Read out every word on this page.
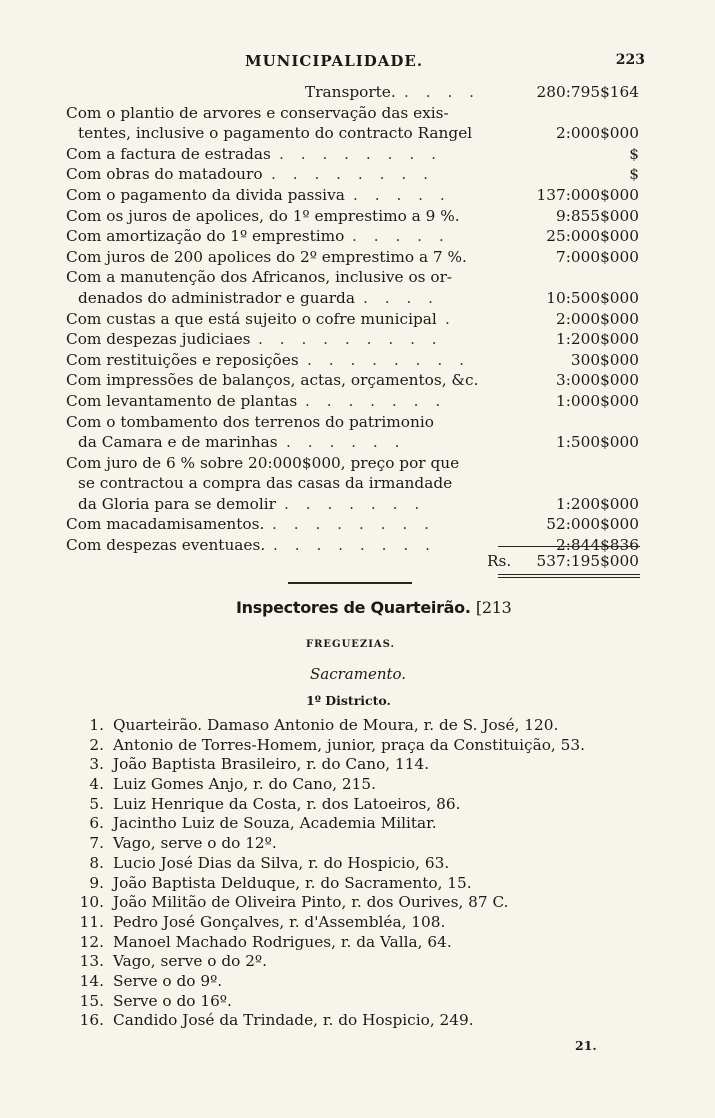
MUNICIPALIDADE.	223
Transporte. . . . .	280:795$164
Com o plantio de arvores e conservação das exis-
tentes, inclusive o pagamento do contracto Rangel	2:000$000
Com a factura de estradas . . . . . . . .	$
Com obras do matadouro . . . . . . . .	$
Com o pagamento da divida passiva . . . . .	137:000$000
Com os juros de apolices, do 1º emprestimo a 9 %.	9:855$000
Com amortização do 1º emprestimo . . . . .	25:000$000
Com juros de 200 apolices do 2º emprestimo a 7 %.	7:000$000
Com a manutenção dos Africanos, inclusive os or-
denados do administrador e guarda . . . .	10:500$000
Com custas a que está sujeito o cofre municipal .	2:000$000
Com despezas judiciaes . . . . . . . . .	1:200$000
Com restituições e reposições . . . . . . . .	300$000
Com impressões de balanços, actas, orçamentos, &c.	3:000$000
Com levantamento de plantas . . . . . . .	1:000$000
Com o tombamento dos terrenos do patrimonio
da Camara e de marinhas . . . . . .	1:500$000
Com juro de 6 % sobre 20:000$000, preço por que
se contractou a compra das casas da irmandade
da Gloria para se demolir . . . . . . .	1:200$000
Com macadamisamentos. . . . . . . . .	52:000$000
Com despezas eventuaes. . . . . . . . .	2:844$836
Rs. 537:195$000
Inspectores de Quarteirão. [213
FREGUEZIAS.
Sacramento.
1º Districto.
1. Quarteirão. Damaso Antonio de Moura, r. de S. José, 120.
2. Antonio de Torres-Homem, junior, praça da Constituição, 53.
3. João Baptista Brasileiro, r. do Cano, 114.
4. Luiz Gomes Anjo, r. do Cano, 215.
5. Luiz Henrique da Costa, r. dos Latoeiros, 86.
6. Jacintho Luiz de Souza, Academia Militar.
7. Vago, serve o do 12º.
8. Lucio José Dias da Silva, r. do Hospicio, 63.
9. João Baptista Delduque, r. do Sacramento, 15.
10. João Militão de Oliveira Pinto, r. dos Ourives, 87 C.
11. Pedro José Gonçalves, r. d'Assembléa, 108.
12. Manoel Machado Rodrigues, r. da Valla, 64.
13. Vago, serve o do 2º.
14. Serve o do 9º.
15. Serve o do 16º.
16. Candido José da Trindade, r. do Hospicio, 249.
21.
